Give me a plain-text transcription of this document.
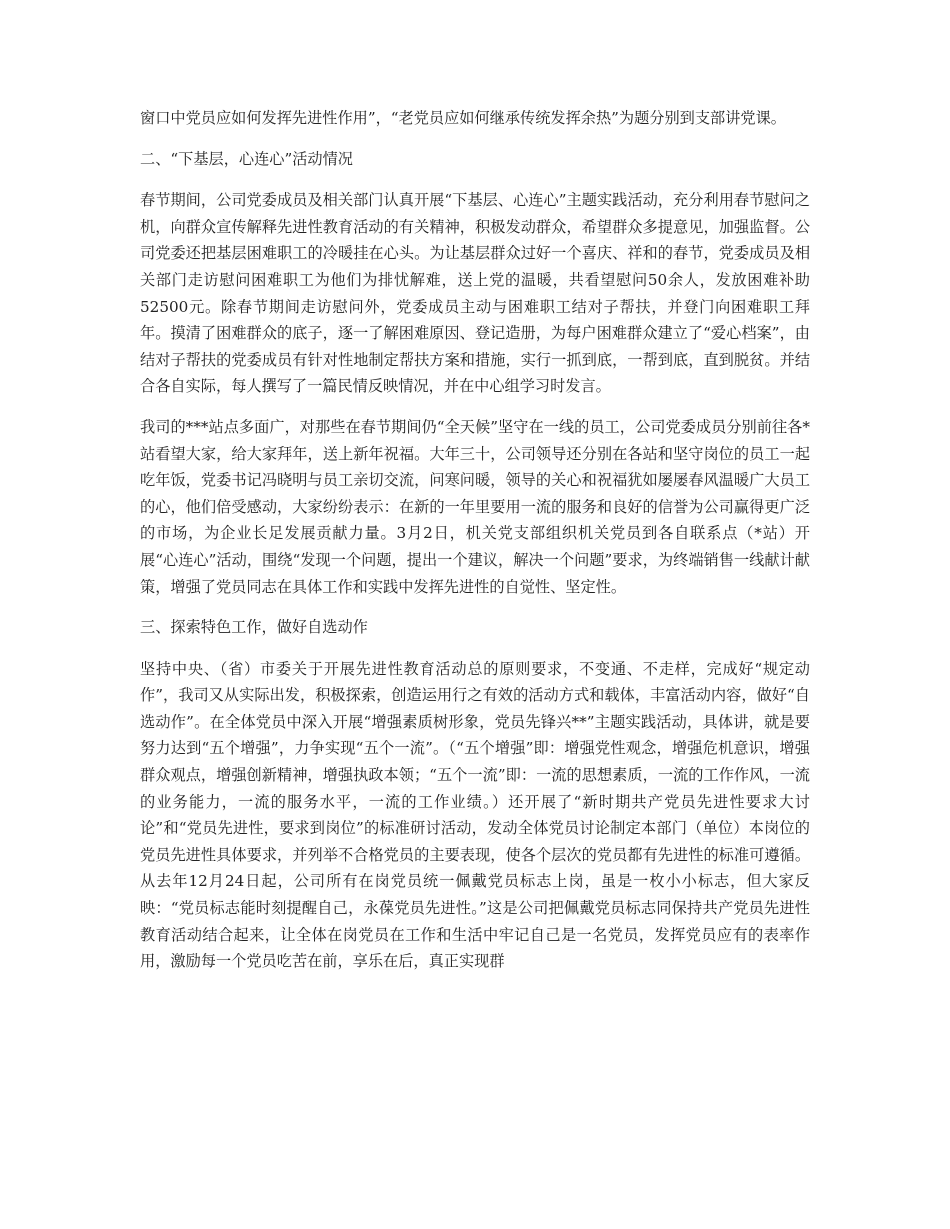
窗口中党员应如何发挥先进性作用”，“老党员应如何继承传统发挥余热”为题分别到支部讲党课。

二、“下基层，心连心”活动情况

春节期间，公司党委成员及相关部门认真开展“下基层、心连心”主题实践活动，充分利用春节慰问之机，向群众宣传解释先进性教育活动的有关精神，积极发动群众，希望群众多提意见，加强监督。公司党委还把基层困难职工的冷暖挂在心头。为让基层群众过好一个喜庆、祥和的春节，党委成员及相关部门走访慰问困难职工为他们为排忧解难，送上党的温暖，共看望慰问50余人，发放困难补助52500元。除春节期间走访慰问外，党委成员主动与困难职工结对子帮扶，并登门向困难职工拜年。摸清了困难群众的底子，逐一了解困难原因、登记造册，为每户困难群众建立了“爱心档案”，由结对子帮扶的党委成员有针对性地制定帮扶方案和措施，实行一抓到底，一帮到底，直到脱贫。并结合各自实际，每人撰写了一篇民情反映情况，并在中心组学习时发言。

我司的***站点多面广，对那些在春节期间仍“全天候”坚守在一线的员工，公司党委成员分别前往各*站看望大家，给大家拜年，送上新年祝福。大年三十，公司领导还分别在各站和坚守岗位的员工一起吃年饭，党委书记冯晓明与员工亲切交流，问寒问暖，领导的关心和祝福犹如屡屡春风温暖广大员工的心，他们倍受感动，大家纷纷表示：在新的一年里要用一流的服务和良好的信誉为公司赢得更广泛的市场，为企业长足发展贡献力量。3月2日，机关党支部组织机关党员到各自联系点（*站）开展“心连心”活动，围绕“发现一个问题，提出一个建议，解决一个问题”要求，为终端销售一线献计献策，增强了党员同志在具体工作和实践中发挥先进性的自觉性、坚定性。

三、探索特色工作，做好自选动作

坚持中央、（省）市委关于开展先进性教育活动总的原则要求，不变通、不走样，完成好“规定动作”，我司又从实际出发，积极探索，创造运用行之有效的活动方式和载体，丰富活动内容，做好“自选动作”。在全体党员中深入开展“增强素质树形象，党员先锋兴**”主题实践活动，具体讲，就是要努力达到“五个增强”，力争实现“五个一流”。（“五个增强”即：增强党性观念，增强危机意识，增强群众观点，增强创新精神，增强执政本领；“五个一流”即：一流的思想素质，一流的工作作风，一流的业务能力，一流的服务水平，一流的工作业绩。）还开展了“新时期共产党员先进性要求大讨论”和“党员先进性，要求到岗位”的标准研讨活动，发动全体党员讨论制定本部门（单位）本岗位的党员先进性具体要求，并列举不合格党员的主要表现，使各个层次的党员都有先进性的标准可遵循。从去年12月24日起，公司所有在岗党员统一佩戴党员标志上岗，虽是一枚小小标志，但大家反映：“党员标志能时刻提醒自己，永葆党员先进性。”这是公司把佩戴党员标志同保持共产党员先进性教育活动结合起来，让全体在岗党员在工作和生活中牢记自己是一名党员，发挥党员应有的表率作用，激励每一个党员吃苦在前，享乐在后，真正实现群
